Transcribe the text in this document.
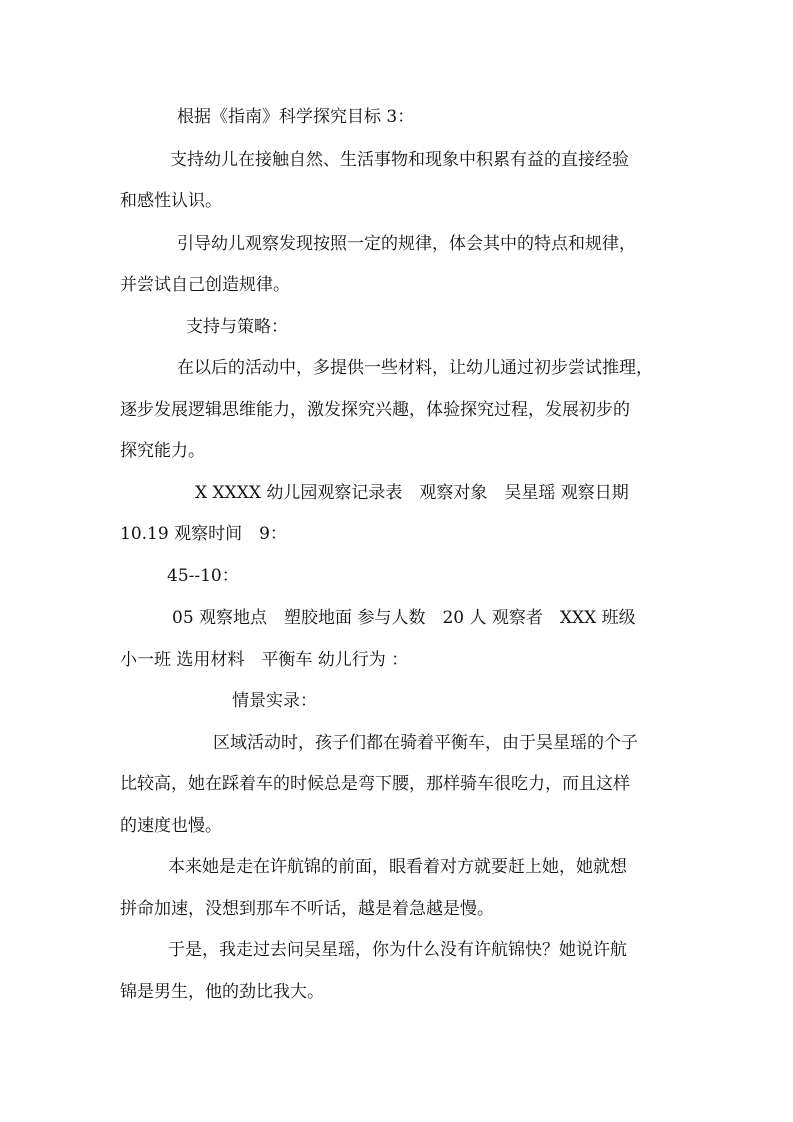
根据《指南》科学探究目标 3：

支持幼儿在接触自然、生活事物和现象中积累有益的直接经验

和感性认识。

引导幼儿观察发现按照一定的规律，体会其中的特点和规律，

并尝试自己创造规律。

支持与策略：

在以后的活动中，多提供一些材料，让幼儿通过初步尝试推理，

逐步发展逻辑思维能力，激发探究兴趣，体验探究过程，发展初步的

探究能力。

X XXXX 幼儿园观察记录表　观察对象　吴星瑶 观察日期

10.19 观察时间　9：

45--10：

05 观察地点　塑胶地面 参与人数　20 人 观察者　XXX 班级

小一班 选用材料　平衡车 幼儿行为 ：

情景实录：

区域活动时，孩子们都在骑着平衡车，由于吴星瑶的个子

比较高，她在踩着车的时候总是弯下腰，那样骑车很吃力，而且这样

的速度也慢。

本来她是走在许航锦的前面，眼看着对方就要赶上她，她就想

拼命加速，没想到那车不听话，越是着急越是慢。

于是，我走过去问吴星瑶，你为什么没有许航锦快？她说许航

锦是男生，他的劲比我大。
